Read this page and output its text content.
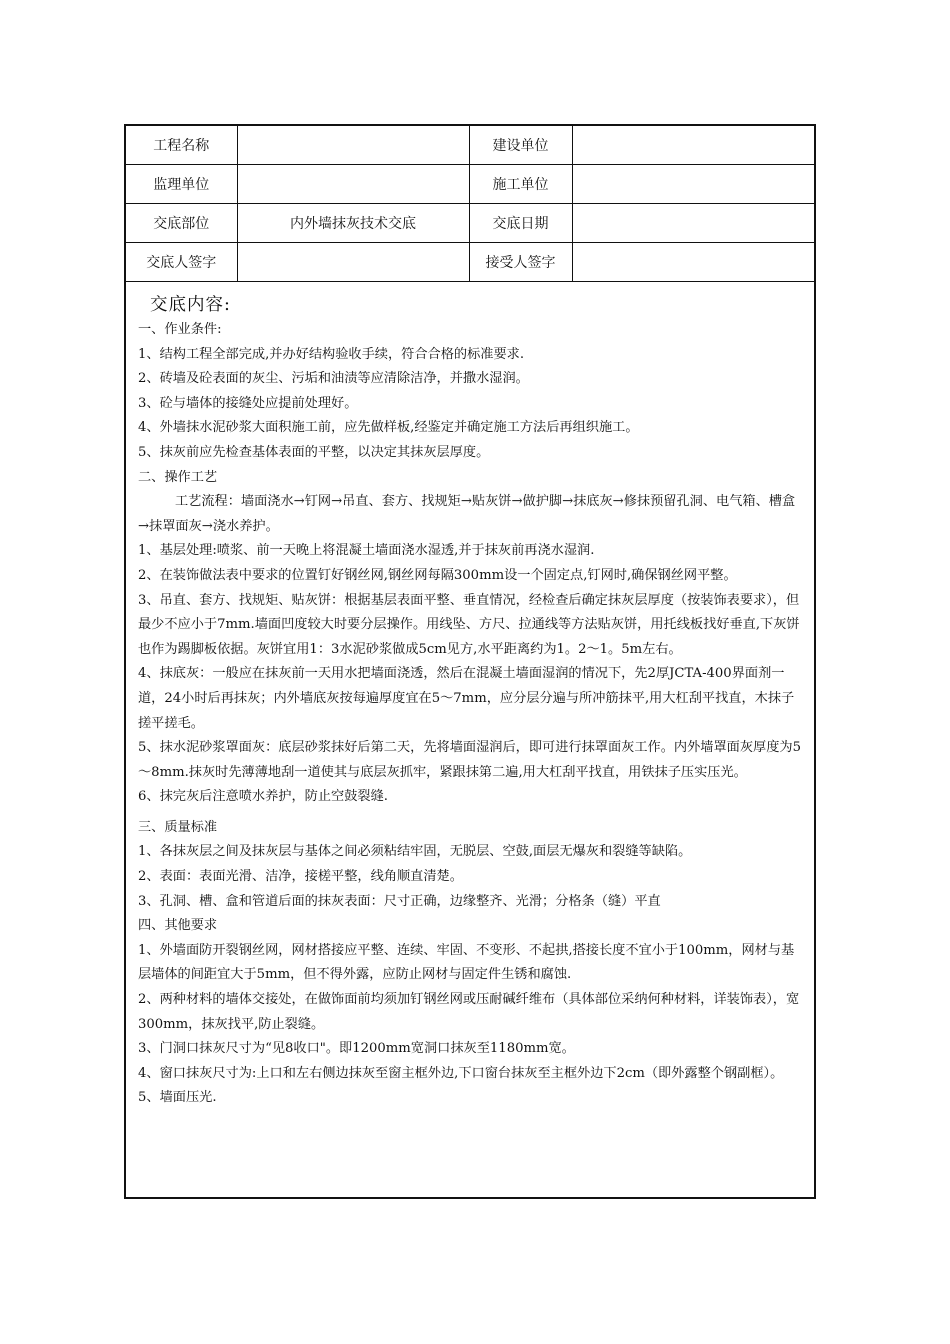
工程名称		建设单位	
监理单位		施工单位	
交底部位	内外墙抹灰技术交底	交底日期	
交底人签字		接受人签字	

交底内容:

一、作业条件:

1、结构工程全部完成,并办好结构验收手续，符合合格的标准要求.

2、砖墙及砼表面的灰尘、污垢和油渍等应清除洁净，并撒水湿润。

3、砼与墙体的接缝处应提前处理好。

4、外墙抹水泥砂浆大面积施工前，应先做样板,经鉴定并确定施工方法后再组织施工。

5、抹灰前应先检查基体表面的平整，以决定其抹灰层厚度。

二、操作工艺

工艺流程：墙面浇水→钉网→吊直、套方、找规矩→贴灰饼→做护脚→抹底灰→修抹预留孔洞、电气箱、槽盒→抹罩面灰→浇水养护。

1、基层处理:喷浆、前一天晚上将混凝土墙面浇水湿透,并于抹灰前再浇水湿润.

2、在装饰做法表中要求的位置钉好钢丝网,钢丝网每隔300mm设一个固定点,钉网时,确保钢丝网平整。

3、吊直、套方、找规矩、贴灰饼：根据基层表面平整、垂直情况，经检查后确定抹灰层厚度（按装饰表要求），但最少不应小于7mm.墙面凹度较大时要分层操作。用线坠、方尺、拉通线等方法贴灰饼，用托线板找好垂直,下灰饼也作为踢脚板依据。灰饼宜用1：3水泥砂浆做成5cm见方,水平距离约为1。2～1。5m左右。

4、抹底灰：一般应在抹灰前一天用水把墙面浇透，然后在混凝土墙面湿润的情况下，先2厚JCTA-400界面剂一道，24小时后再抹灰；内外墙底灰按每遍厚度宜在5～7mm，应分层分遍与所冲筋抹平,用大杠刮平找直，木抹子搓平搓毛。

5、抹水泥砂浆罩面灰：底层砂浆抹好后第二天，先将墙面湿润后，即可进行抹罩面灰工作。内外墙罩面灰厚度为5～8mm.抹灰时先薄薄地刮一道使其与底层灰抓牢，紧跟抹第二遍,用大杠刮平找直，用铁抹子压实压光。

6、抹完灰后注意喷水养护，防止空鼓裂缝.

三、质量标准

1、各抹灰层之间及抹灰层与基体之间必须粘结牢固，无脱层、空鼓,面层无爆灰和裂缝等缺陷。

2、表面：表面光滑、洁净，接槎平整，线角顺直清楚。

3、孔洞、槽、盒和管道后面的抹灰表面：尺寸正确，边缘整齐、光滑；分格条（缝）平直

四、其他要求

1、外墙面防开裂钢丝网，网材搭接应平整、连续、牢固、不变形、不起拱,搭接长度不宜小于100mm，网材与基层墙体的间距宜大于5mm，但不得外露，应防止网材与固定件生锈和腐蚀.

2、两种材料的墙体交接处，在做饰面前均须加钉钢丝网或压耐碱纤维布（具体部位采纳何种材料，详装饰表），宽300mm，抹灰找平,防止裂缝。

3、门洞口抹灰尺寸为“见8收口"。即1200mm宽洞口抹灰至1180mm宽。

4、窗口抹灰尺寸为:上口和左右侧边抹灰至窗主框外边,下口窗台抹灰至主框外边下2cm（即外露整个钢副框）。

5、墙面压光.
